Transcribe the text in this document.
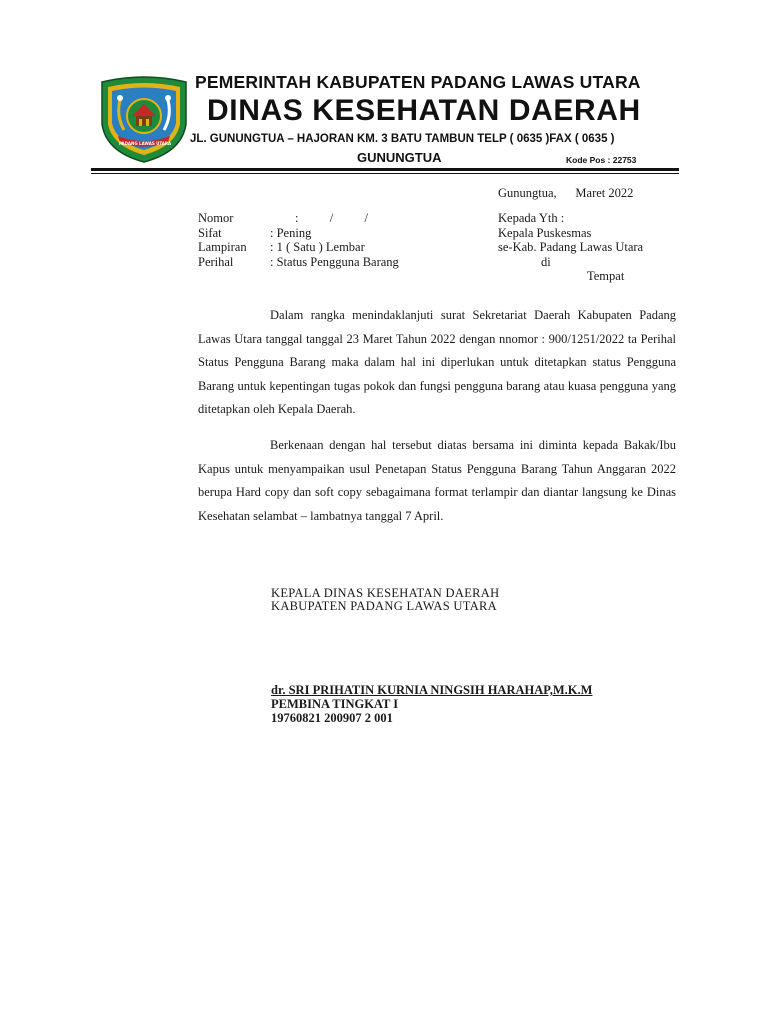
PADANG LAWAS UTARA
PEMERINTAH KABUPATEN PADANG LAWAS UTARA
DINAS KESEHATAN DAERAH
JL. GUNUNGTUA – HAJORAN KM. 3 BATU TAMBUN TELP ( 0635 )FAX ( 0635 )
GUNUNGTUA	Kode Pos : 22753
Gunungtua,      Maret 2022
Nomor	:          /          /
Sifat	: Pening
Lampiran : 1 ( Satu ) Lembar
Perihal	: Status Pengguna Barang
Kepada Yth :
Kepala Puskesmas
se-Kab. Padang Lawas Utara
di
Tempat

Dalam rangka menindaklanjuti surat Sekretariat Daerah Kabupaten Padang Lawas Utara tanggal tanggal 23 Maret Tahun 2022 dengan nnomor : 900/1251/2022 ta Perihal Status Pengguna Barang maka dalam hal ini diperlukan untuk ditetapkan status Pengguna Barang untuk kepentingan tugas pokok dan fungsi pengguna barang atau kuasa pengguna yang ditetapkan oleh Kepala Daerah.

Berkenaan dengan hal tersebut diatas bersama ini diminta kepada Bakak/Ibu Kapus untuk menyampaikan usul Penetapan Status Pengguna Barang Tahun Anggaran 2022 berupa Hard copy dan soft copy sebagaimana format terlampir dan diantar langsung ke Dinas Kesehatan selambat – lambatnya tanggal 7 April.

KEPALA DINAS KESEHATAN DAERAH
KABUPATEN PADANG LAWAS UTARA
dr. SRI PRIHATIN KURNIA NINGSIH HARAHAP,M.K.M
PEMBINA TINGKAT I
19760821 200907 2 001
